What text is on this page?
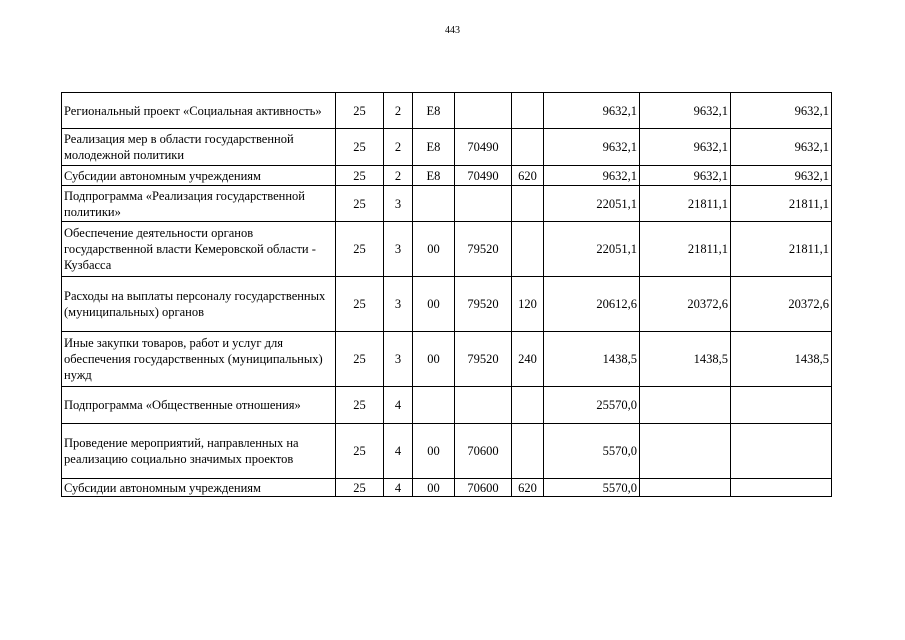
443
Региональный проект «Социальная активность»	25	2	Е8			9632,1	9632,1	9632,1
Реализация мер в области государственной молодежной политики	25	2	Е8	70490		9632,1	9632,1	9632,1
Субсидии автономным учреждениям	25	2	Е8	70490	620	9632,1	9632,1	9632,1
Подпрограмма «Реализация государственной политики»	25	3				22051,1	21811,1	21811,1
Обеспечение деятельности органов государственной власти Кемеровской области - Кузбасса	25	3	00	79520		22051,1	21811,1	21811,1
Расходы на выплаты персоналу государственных (муниципальных) органов	25	3	00	79520	120	20612,6	20372,6	20372,6
Иные закупки товаров, работ и услуг для обеспечения государственных (муниципальных) нужд	25	3	00	79520	240	1438,5	1438,5	1438,5
Подпрограмма «Общественные отношения»	25	4				25570,0		
Проведение мероприятий, направленных на реализацию социально значимых проектов	25	4	00	70600		5570,0		
Субсидии автономным учреждениям	25	4	00	70600	620	5570,0		
